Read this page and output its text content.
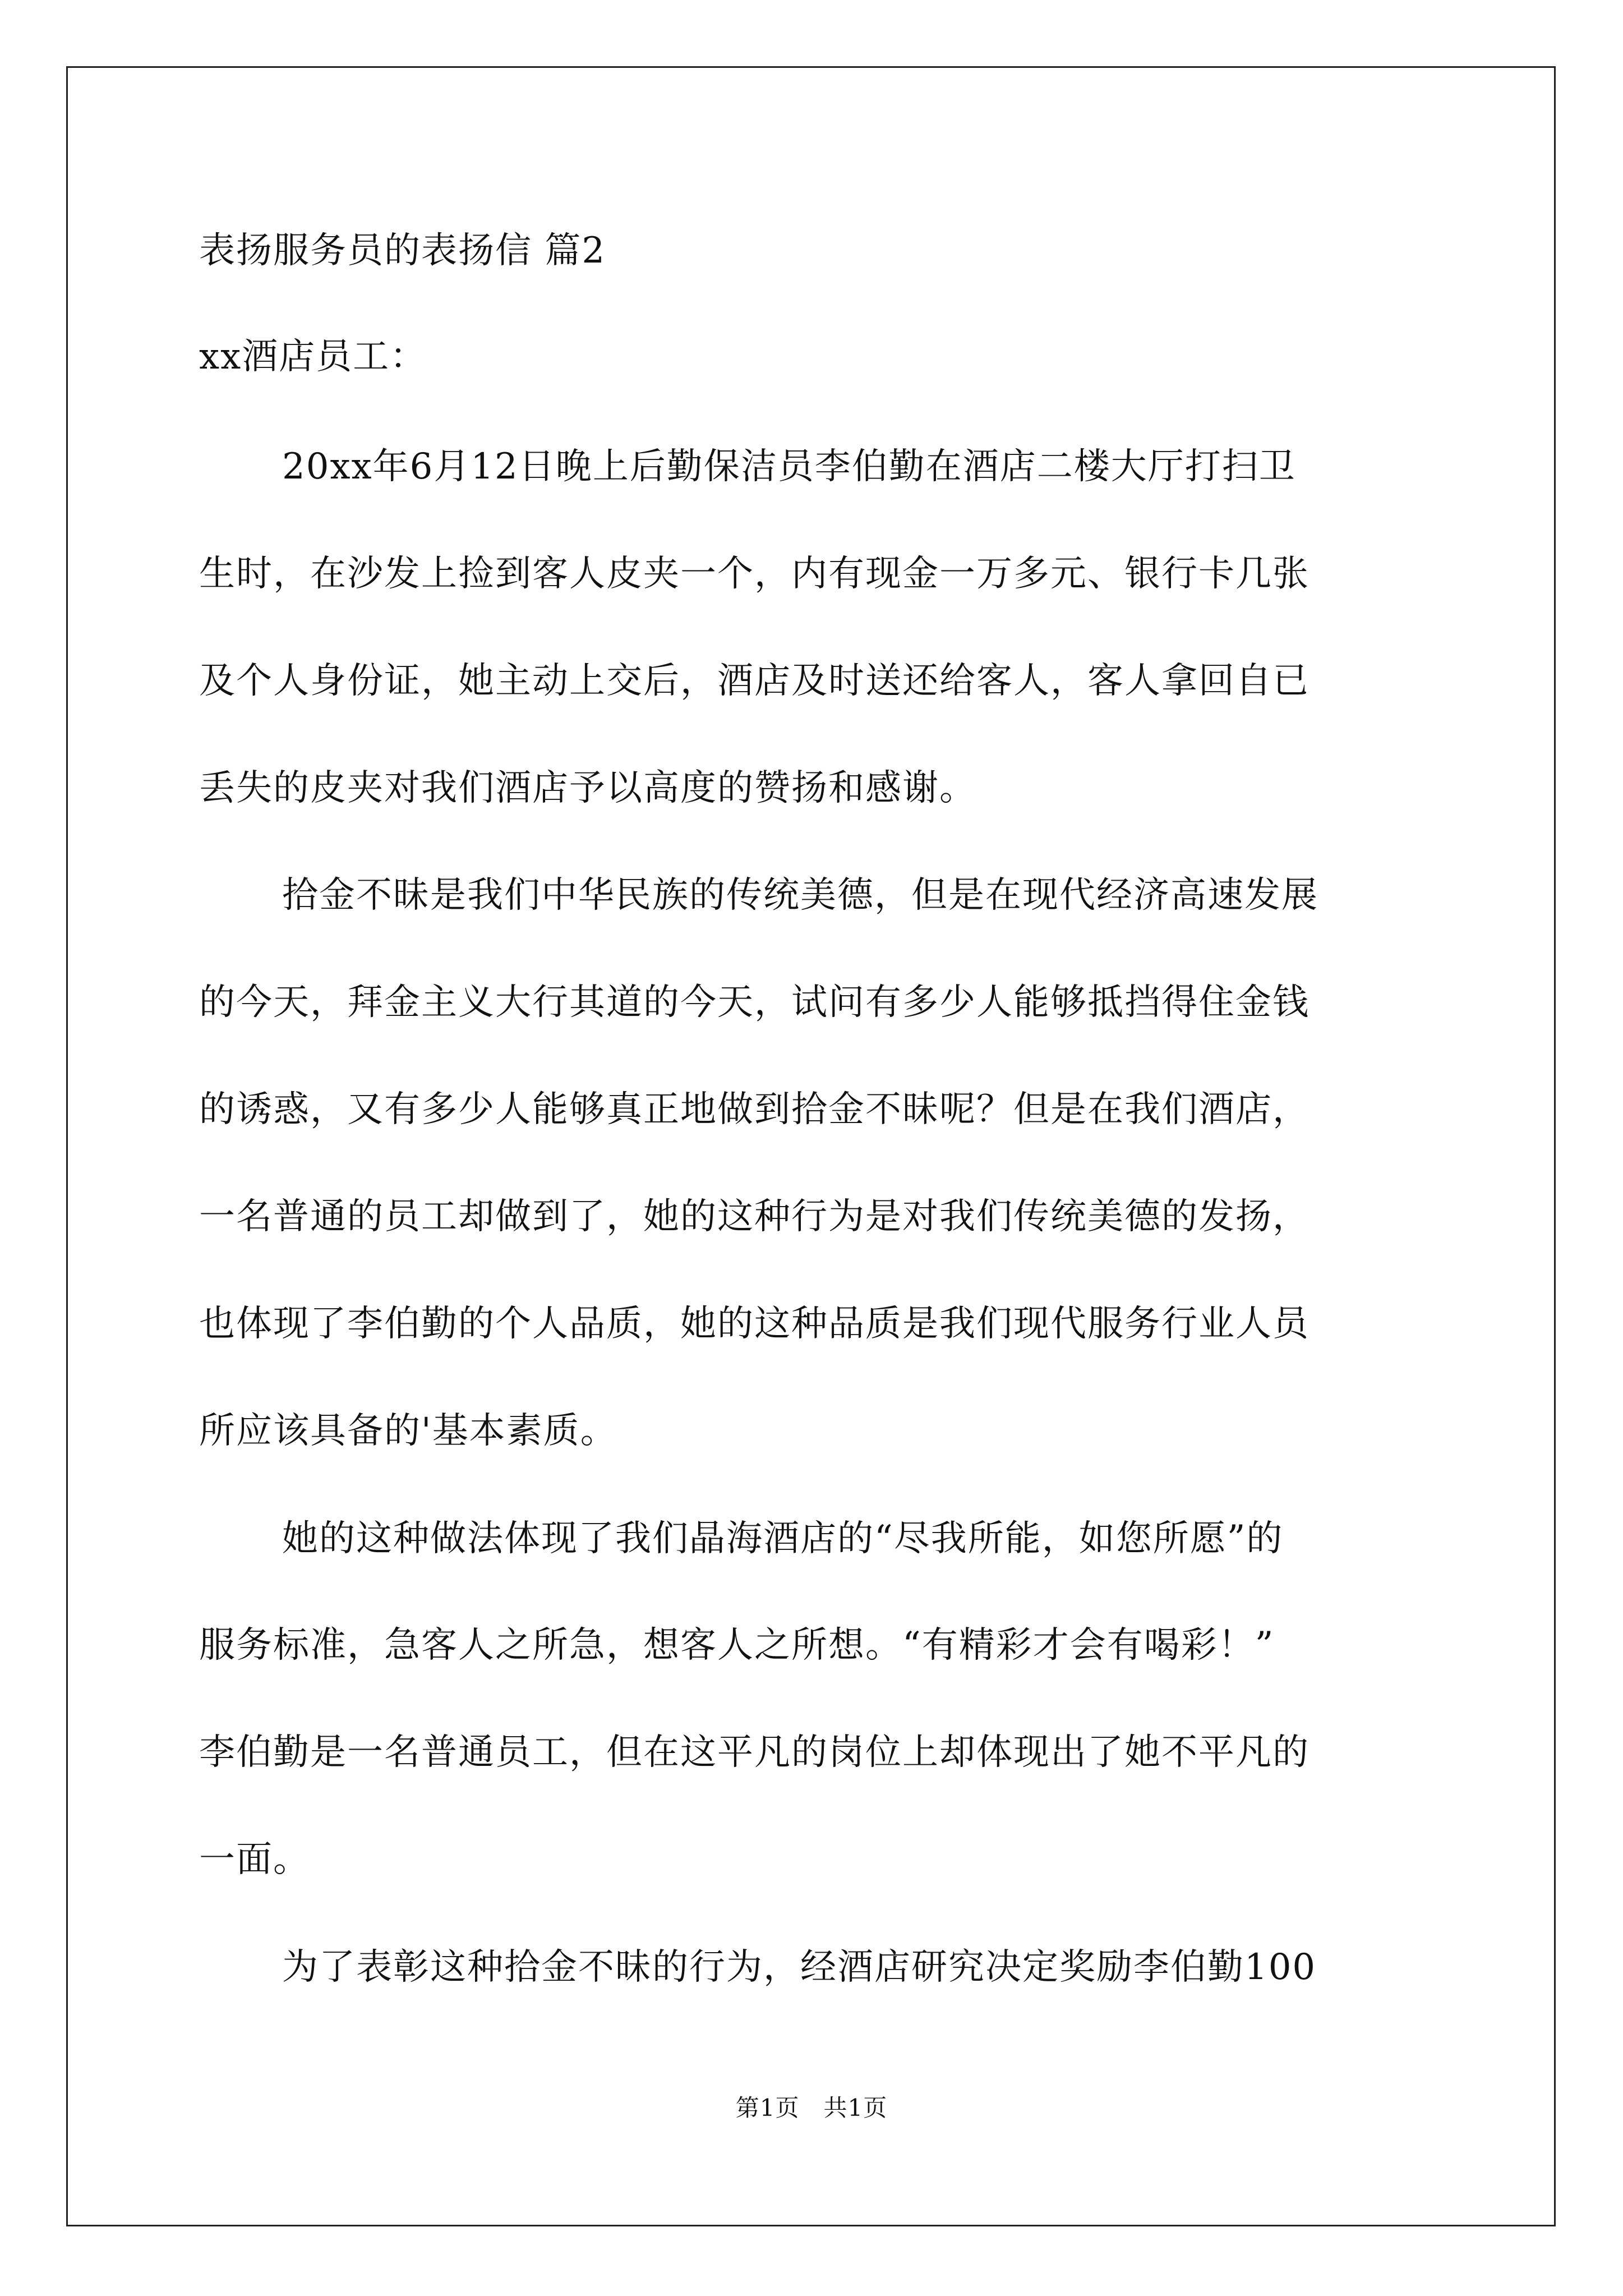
表扬服务员的表扬信 篇2
xx酒店员工：
20xx年6月12日晚上后勤保洁员李伯勤在酒店二楼大厅打扫卫
生时，在沙发上捡到客人皮夹一个，内有现金一万多元、银行卡几张
及个人身份证，她主动上交后，酒店及时送还给客人，客人拿回自已
丢失的皮夹对我们酒店予以高度的赞扬和感谢。
拾金不昧是我们中华民族的传统美德，但是在现代经济高速发展
的今天，拜金主义大行其道的今天，试问有多少人能够抵挡得住金钱
的诱惑，又有多少人能够真正地做到拾金不昧呢？但是在我们酒店，
一名普通的员工却做到了，她的这种行为是对我们传统美德的发扬，
也体现了李伯勤的个人品质，她的这种品质是我们现代服务行业人员
所应该具备的'基本素质。
她的这种做法体现了我们晶海酒店的“尽我所能，如您所愿”的
服务标准，急客人之所急，想客人之所想。“有精彩才会有喝彩！”
李伯勤是一名普通员工，但在这平凡的岗位上却体现出了她不平凡的
一面。
为了表彰这种拾金不昧的行为，经酒店研究决定奖励李伯勤100
第1页　共1页
